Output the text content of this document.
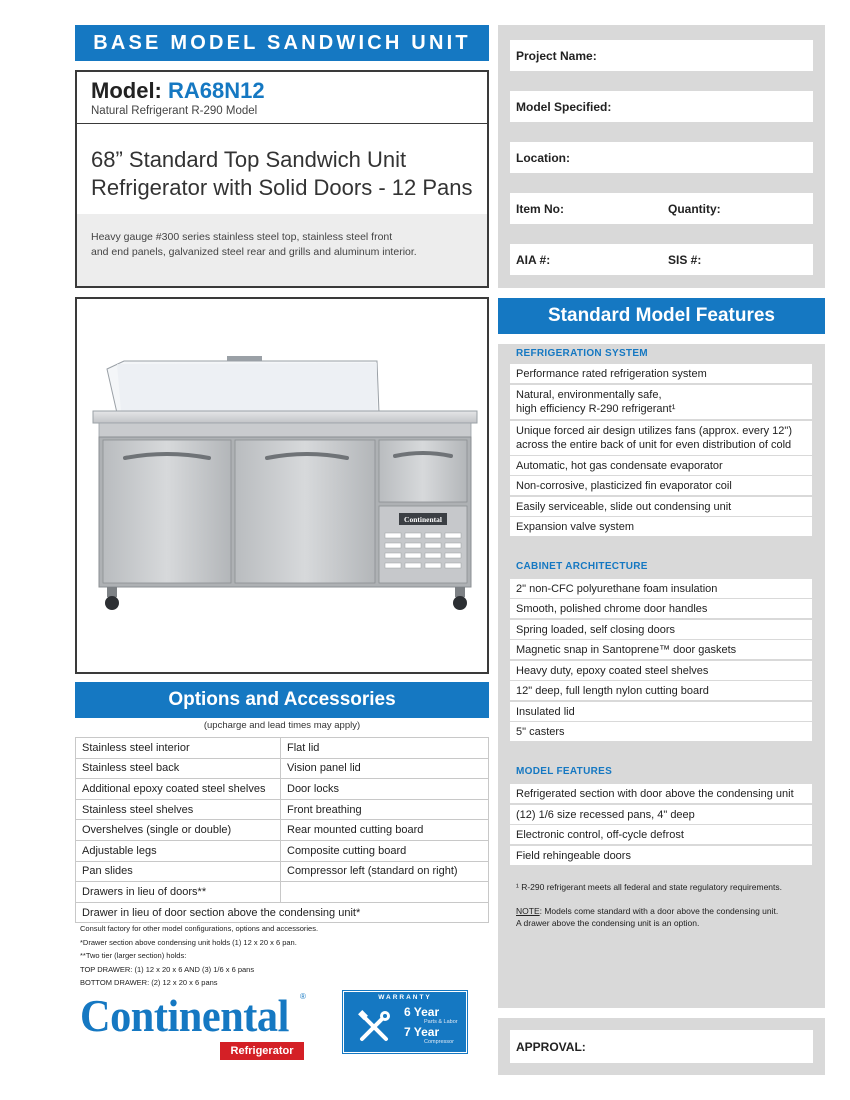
BASE MODEL SANDWICH UNIT
Model: RA68N12
Natural Refrigerant R-290 Model
68” Standard Top Sandwich Unit
Refrigerator with Solid Doors - 12 Pans
Heavy gauge #300 series stainless steel top, stainless steel front
and end panels, galvanized steel rear and grills and aluminum interior.
Continental
Options and Accessories
(upcharge and lead times may apply)
Stainless steel interior	Flat lid
Stainless steel back	Vision panel lid
Additional epoxy coated steel shelves	Door locks
Stainless steel shelves	Front breathing
Overshelves (single or double)	Rear mounted cutting board
Adjustable legs	Composite cutting board
Pan slides	Compressor left (standard on right)
Drawers in lieu of doors**	
Drawer in lieu of door section above the condensing unit*	
Consult factory for other model configurations, options and accessories.
*Drawer section above condensing unit holds (1) 12 x 20 x 6 pan.
**Two tier (larger section) holds:
TOP DRAWER: (1) 12 x 20 x 6 AND (3) 1/6 x 6 pans
BOTTOM DRAWER: (2) 12 x 20 x 6 pans
Continental ®
Refrigerator
WARRANTY
6 Year
Parts & Labor
7 Year
Compressor
Project Name:
Model Specified:
Location:
Item No:	Quantity:
AIA #:	SIS #:
Standard Model Features
REFRIGERATION SYSTEM
Performance rated refrigeration system
Natural, environmentally safe,
high efficiency R-290 refrigerant¹
Unique forced air design utilizes fans (approx. every 12")
across the entire back of unit for even distribution of cold
Automatic, hot gas condensate evaporator
Non-corrosive, plasticized fin evaporator coil
Easily serviceable, slide out condensing unit
Expansion valve system
CABINET ARCHITECTURE
2" non-CFC polyurethane foam insulation
Smooth, polished chrome door handles
Spring loaded, self closing doors
Magnetic snap in Santoprene™ door gaskets
Heavy duty, epoxy coated steel shelves
12" deep, full length nylon cutting board
Insulated lid
5" casters
MODEL FEATURES
Refrigerated section with door above the condensing unit
(12) 1/6 size recessed pans, 4" deep
Electronic control, off-cycle defrost
Field rehingeable doors
¹ R-290 refrigerant meets all federal and state regulatory requirements.
NOTE: Models come standard with a door above the condensing unit.
A drawer above the condensing unit is an option.
APPROVAL:
